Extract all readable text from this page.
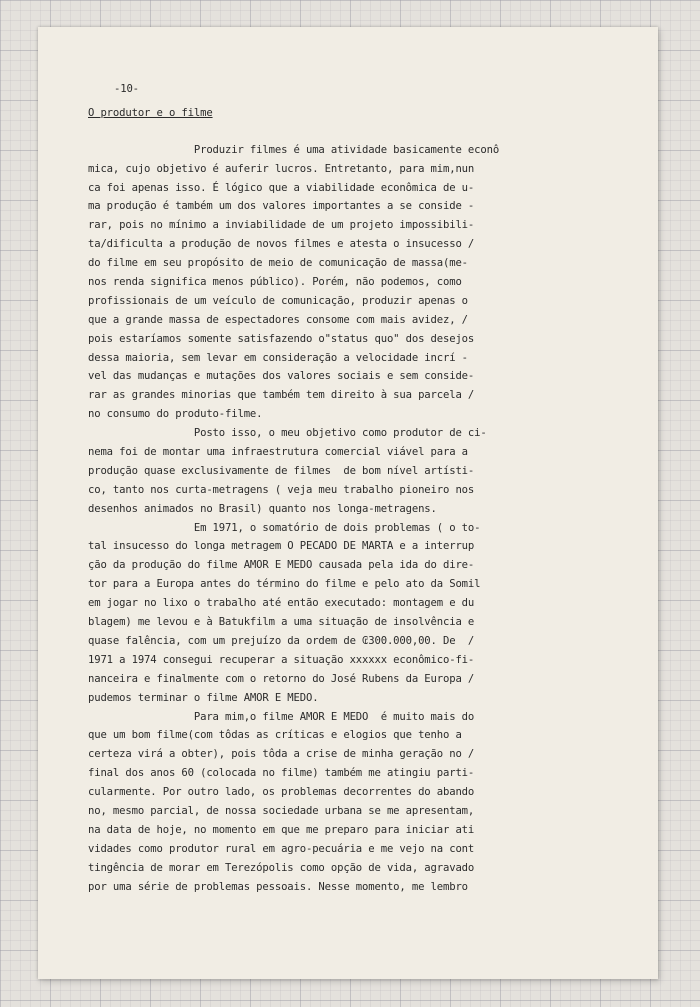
-10-
O produtor e o filme
Produzir filmes é uma atividade basicamente econô
mica, cujo objetivo é auferir lucros. Entretanto, para mim,nun
ca foi apenas isso. É lógico que a viabilidade econômica de u-
ma produção é também um dos valores importantes a se conside -
rar, pois no mínimo a inviabilidade de um projeto impossibili-
ta/dificulta a produção de novos filmes e atesta o insucesso /
do filme em seu propósito de meio de comunicação de massa(me-
nos renda significa menos público). Porém, não podemos, como
profissionais de um veículo de comunicação, produzir apenas o
que a grande massa de espectadores consome com mais avidez, /
pois estaríamos somente satisfazendo o"status quo" dos desejos
dessa maioria, sem levar em consideração a velocidade incrí -
vel das mudanças e mutações dos valores sociais e sem conside-
rar as grandes minorias que também tem direito à sua parcela /
no consumo do produto-filme.
Posto isso, o meu objetivo como produtor de ci-
nema foi de montar uma infraestrutura comercial viável para a
produção quase exclusivamente de filmes  de bom nível artísti-
co, tanto nos curta-metragens ( veja meu trabalho pioneiro nos
desenhos animados no Brasil) quanto nos longa-metragens.
Em 1971, o somatório de dois problemas ( o to-
tal insucesso do longa metragem O PECADO DE MARTA e a interrup
ção da produção do filme AMOR E MEDO causada pela ida do dire-
tor para a Europa antes do término do filme e pelo ato da Somil
em jogar no lixo o trabalho até então executado: montagem e du
blagem) me levou e à Batukfilm a uma situação de insolvência e
quase falência, com um prejuízo da ordem de ₢300.000,00. De  /
1971 a 1974 consegui recuperar a situação xxxxxx econômico-fi-
nanceira e finalmente com o retorno do José Rubens da Europa /
pudemos terminar o filme AMOR E MEDO.
Para mim,o filme AMOR E MEDO  é muito mais do
que um bom filme(com tôdas as críticas e elogios que tenho a
certeza virá a obter), pois tôda a crise de minha geração no /
final dos anos 60 (colocada no filme) também me atingiu parti-
cularmente. Por outro lado, os problemas decorrentes do abando
no, mesmo parcial, de nossa sociedade urbana se me apresentam,
na data de hoje, no momento em que me preparo para iniciar ati
vidades como produtor rural em agro-pecuária e me vejo na cont
tingência de morar em Terezópolis como opção de vida, agravado
por uma série de problemas pessoais. Nesse momento, me lembro
